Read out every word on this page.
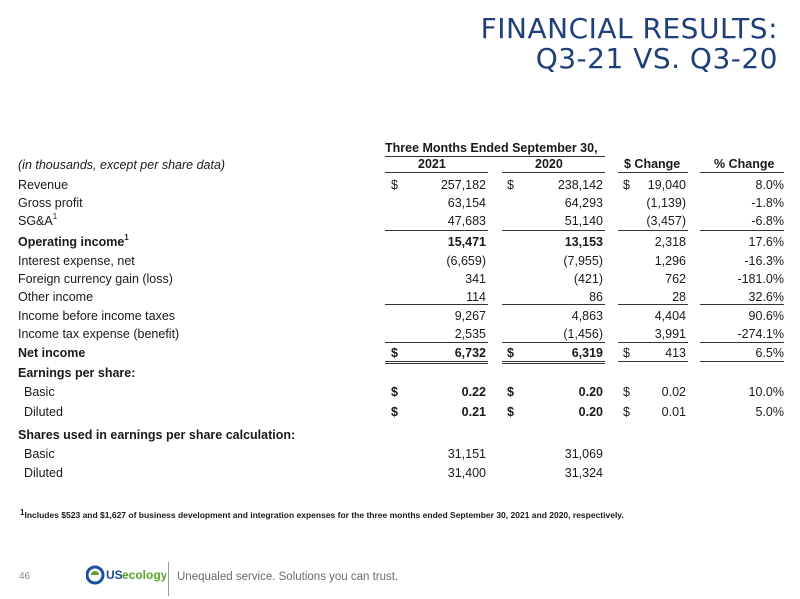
FINANCIAL RESULTS:
Q3-21 VS. Q3-20
Three Months Ended September 30,
(in thousands, except per share data)	2021	2020	$ Change	% Change
Revenue	$	257,182 $	238,142 $	19,040	8.0%
Gross profit	63,154	64,293	(1,139)	-1.8%
$SG\&A^1$	47,683	51,140	(3,457)	-6.8%
Operating income$^1$	15,471	13,153	2,318	17.6%
Interest expense, net	(6,659)	(7,955)	1,296	-16.3%
Foreign currency gain (loss)	341	(421)	762	-181.0%
Other income	114	86	28	32.6%
Income before income taxes	9,267	4,863	4,404	90.6%
Income tax expense (benefit)	2,535	(1,456)	3,991	-274.1%
Net income	$	6,732 $	6,319 $	413	6.5%
Earnings per share:
Basic	$	0.22 $	0.20 $	0.02	10.0%
Diluted	$	0.21 $	0.20 $	0.01	5.0%
Shares used in earnings per share calculation:
Basic	31,151	31,069
Diluted	31,400	31,324
$^1$Includes $523 and $1,627 of business development and integration expenses for the three months ended September 30, 2021 and 2020, respectively.
46	US ecology Unequaled service. Solutions you can trust.
